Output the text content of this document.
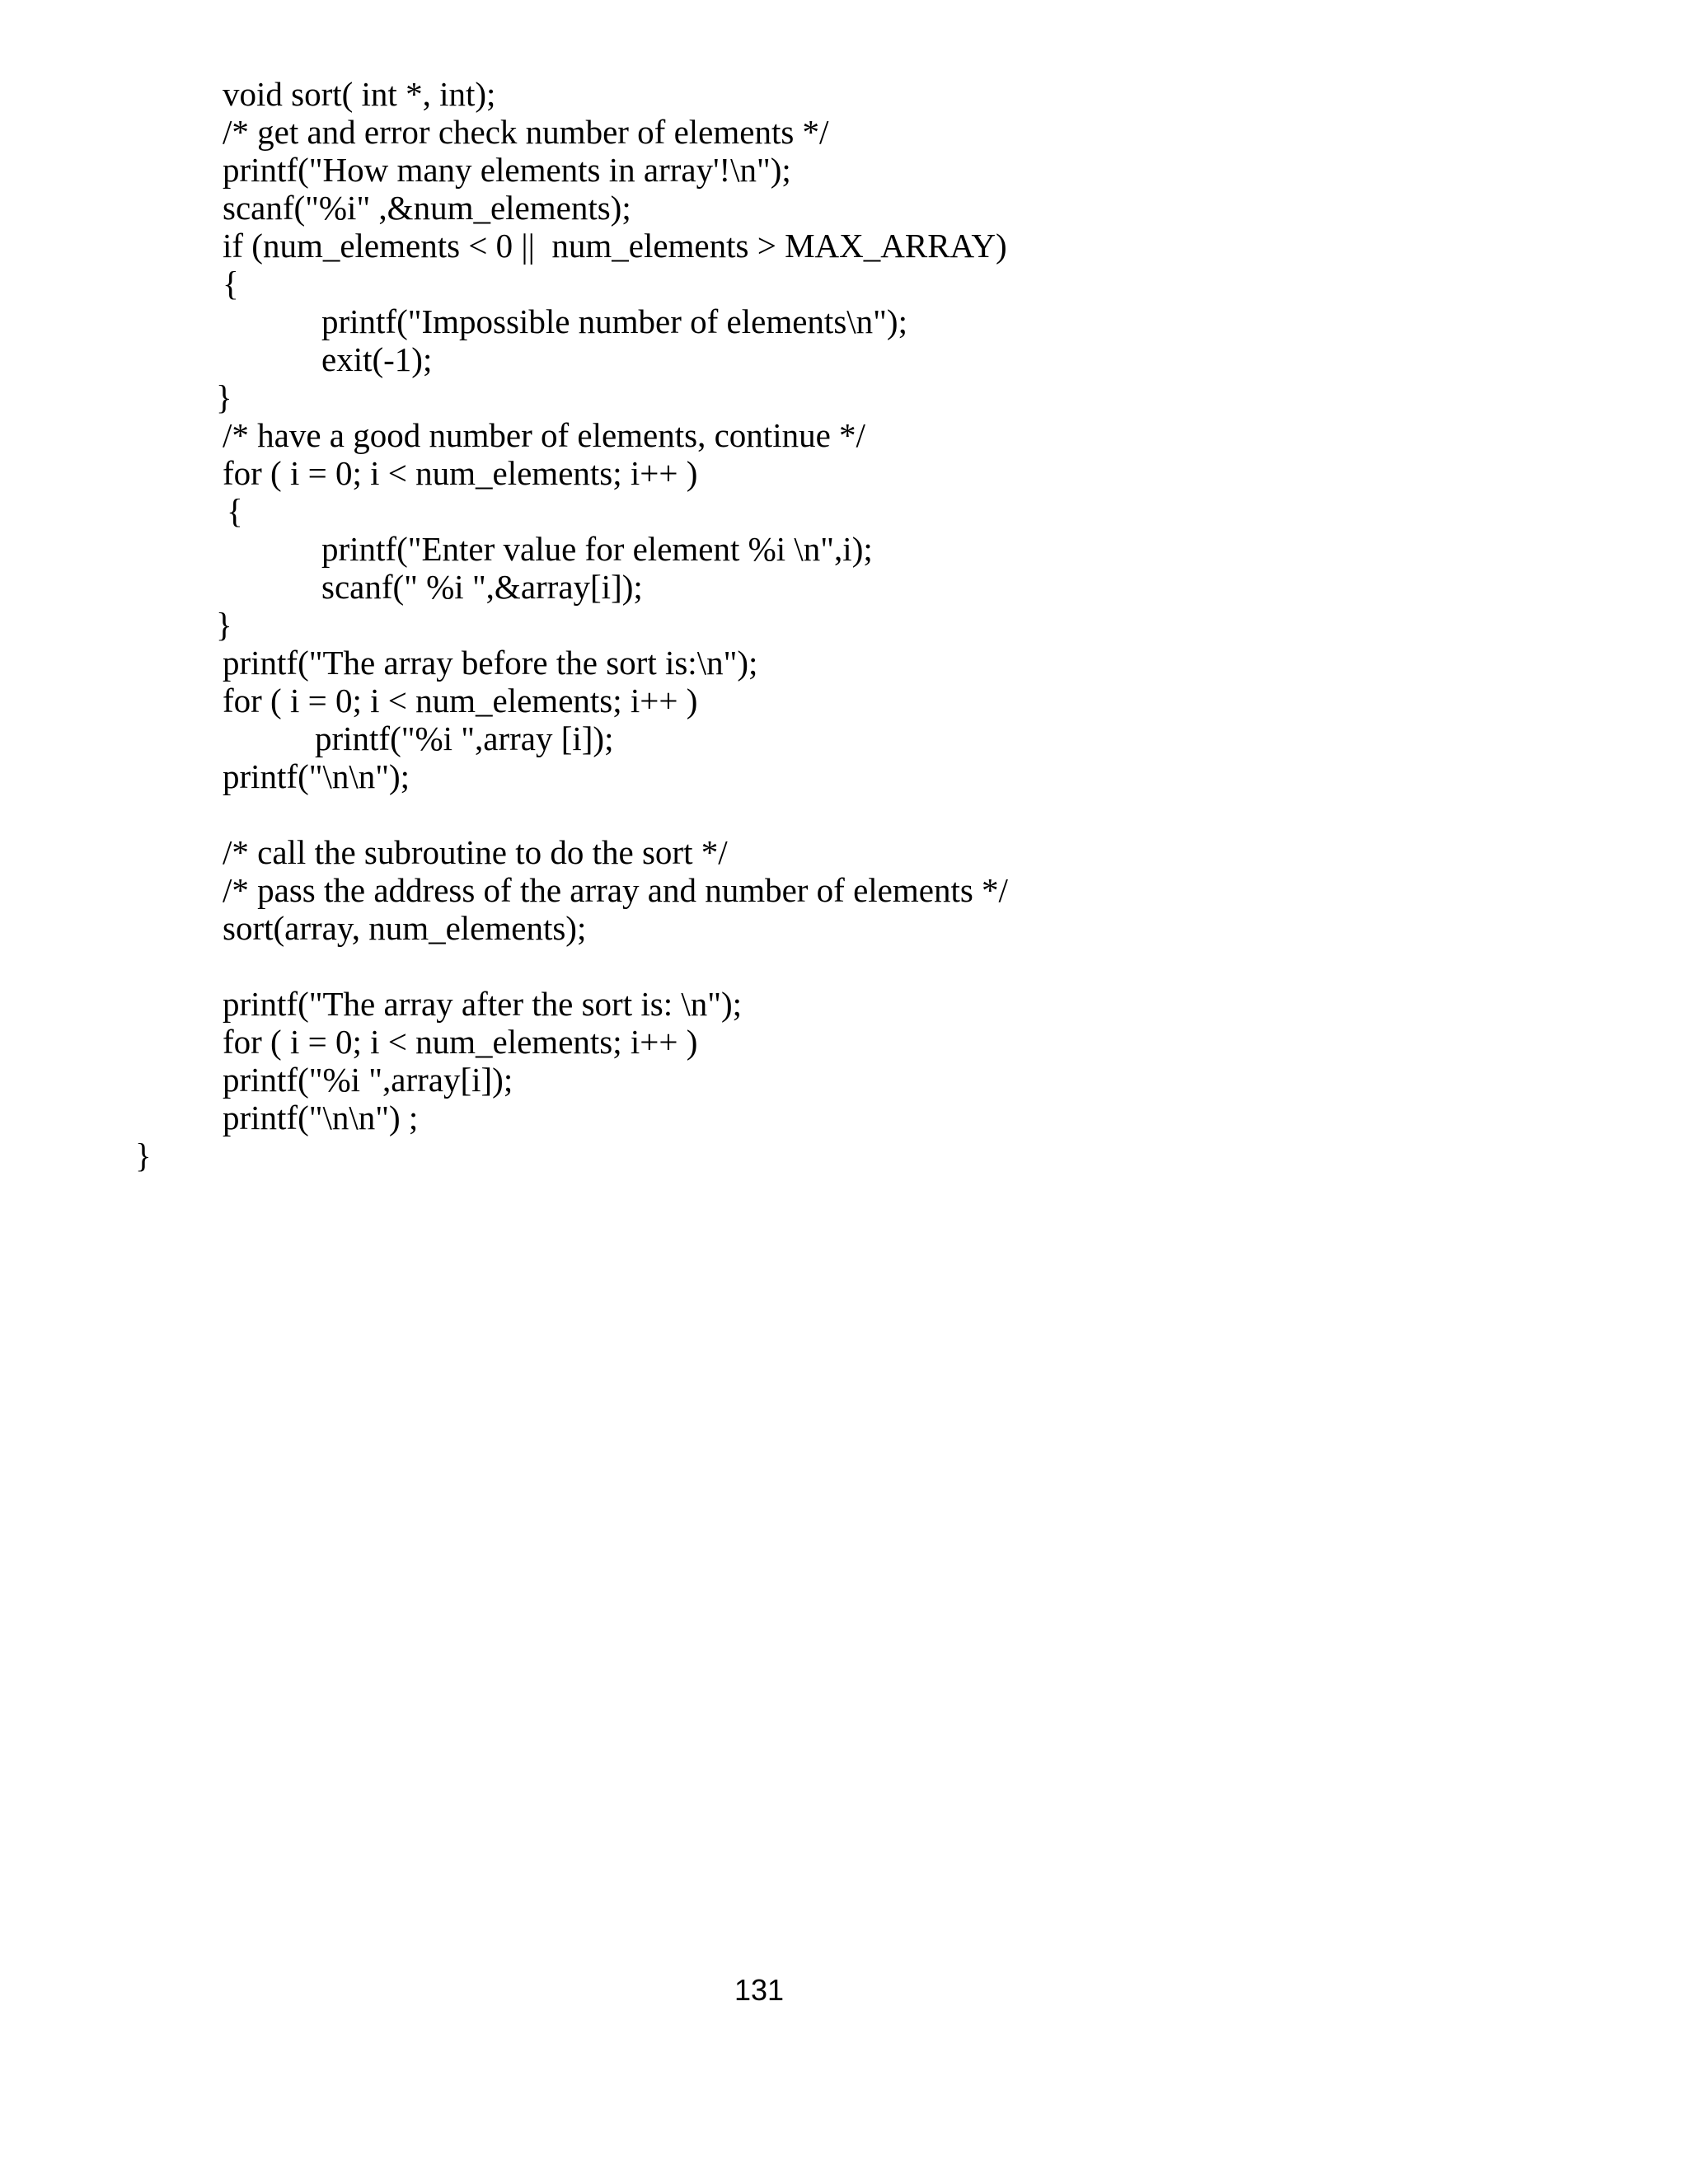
void sort( int *, int);
/* get and error check number of elements */
printf("How many elements in array'!\n");
scanf("%i" ,&num_elements);
if (num_elements < 0 ||  num_elements > MAX_ARRAY)
{
printf("Impossible number of elements\n");
exit(-1);
}
/* have a good number of elements, continue */
for ( i = 0; i < num_elements; i++ )
{
printf("Enter value for element %i \n",i);
scanf(" %i ",&array[i]);
}
printf("The array before the sort is:\n");
for ( i = 0; i < num_elements; i++ )
printf("%i ",array [i]);
printf("\n\n");
/* call the subroutine to do the sort */
/* pass the address of the array and number of elements */
sort(array, num_elements);
printf("The array after the sort is: \n");
for ( i = 0; i < num_elements; i++ )
printf("%i ",array[i]);
printf("\n\n") ;
}
131
